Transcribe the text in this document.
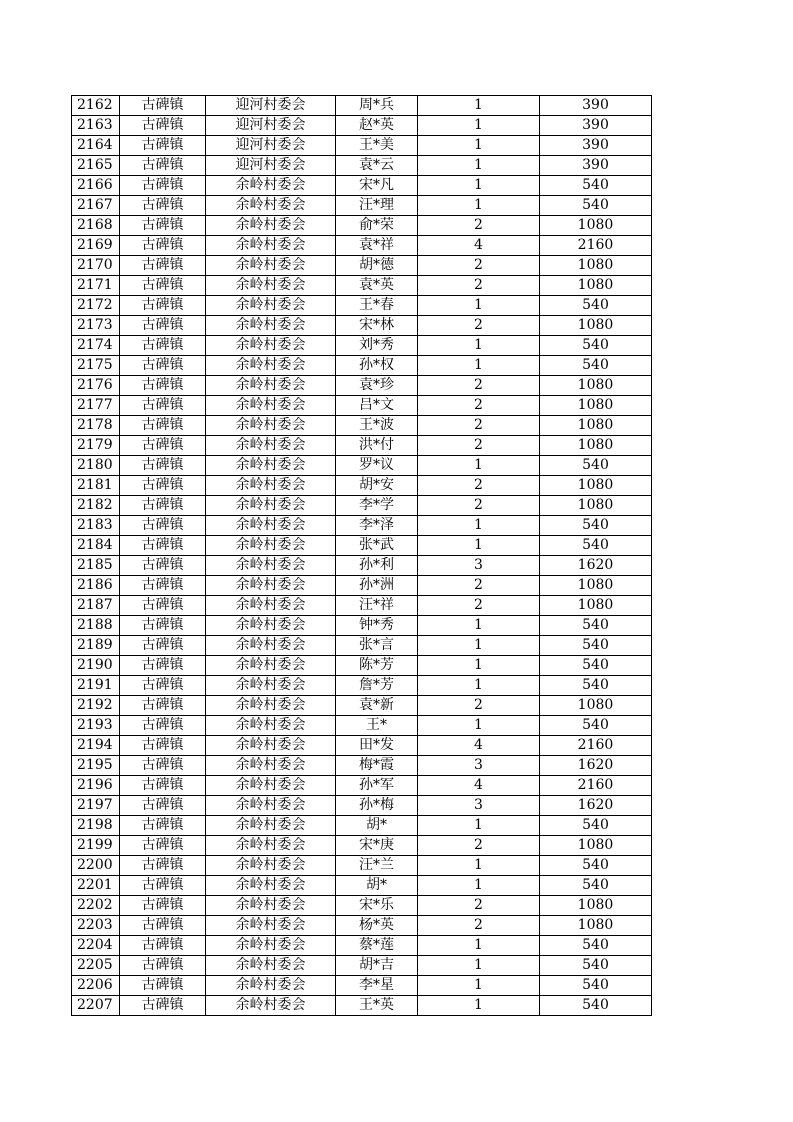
2162	古碑镇	迎河村委会	周*兵	1	390
2163	古碑镇	迎河村委会	赵*英	1	390
2164	古碑镇	迎河村委会	王*美	1	390
2165	古碑镇	迎河村委会	袁*云	1	390
2166	古碑镇	余岭村委会	宋*凡	1	540
2167	古碑镇	余岭村委会	汪*理	1	540
2168	古碑镇	余岭村委会	俞*荣	2	1080
2169	古碑镇	余岭村委会	袁*祥	4	2160
2170	古碑镇	余岭村委会	胡*德	2	1080
2171	古碑镇	余岭村委会	袁*英	2	1080
2172	古碑镇	余岭村委会	王*春	1	540
2173	古碑镇	余岭村委会	宋*林	2	1080
2174	古碑镇	余岭村委会	刘*秀	1	540
2175	古碑镇	余岭村委会	孙*权	1	540
2176	古碑镇	余岭村委会	袁*珍	2	1080
2177	古碑镇	余岭村委会	吕*文	2	1080
2178	古碑镇	余岭村委会	王*波	2	1080
2179	古碑镇	余岭村委会	洪*付	2	1080
2180	古碑镇	余岭村委会	罗*议	1	540
2181	古碑镇	余岭村委会	胡*安	2	1080
2182	古碑镇	余岭村委会	李*学	2	1080
2183	古碑镇	余岭村委会	李*泽	1	540
2184	古碑镇	余岭村委会	张*武	1	540
2185	古碑镇	余岭村委会	孙*利	3	1620
2186	古碑镇	余岭村委会	孙*洲	2	1080
2187	古碑镇	余岭村委会	汪*祥	2	1080
2188	古碑镇	余岭村委会	钟*秀	1	540
2189	古碑镇	余岭村委会	张*言	1	540
2190	古碑镇	余岭村委会	陈*芳	1	540
2191	古碑镇	余岭村委会	詹*芳	1	540
2192	古碑镇	余岭村委会	袁*新	2	1080
2193	古碑镇	余岭村委会	王*	1	540
2194	古碑镇	余岭村委会	田*发	4	2160
2195	古碑镇	余岭村委会	梅*霞	3	1620
2196	古碑镇	余岭村委会	孙*军	4	2160
2197	古碑镇	余岭村委会	孙*梅	3	1620
2198	古碑镇	余岭村委会	胡*	1	540
2199	古碑镇	余岭村委会	宋*庚	2	1080
2200	古碑镇	余岭村委会	汪*兰	1	540
2201	古碑镇	余岭村委会	胡*	1	540
2202	古碑镇	余岭村委会	宋*乐	2	1080
2203	古碑镇	余岭村委会	杨*英	2	1080
2204	古碑镇	余岭村委会	蔡*莲	1	540
2205	古碑镇	余岭村委会	胡*吉	1	540
2206	古碑镇	余岭村委会	李*星	1	540
2207	古碑镇	余岭村委会	王*英	1	540
